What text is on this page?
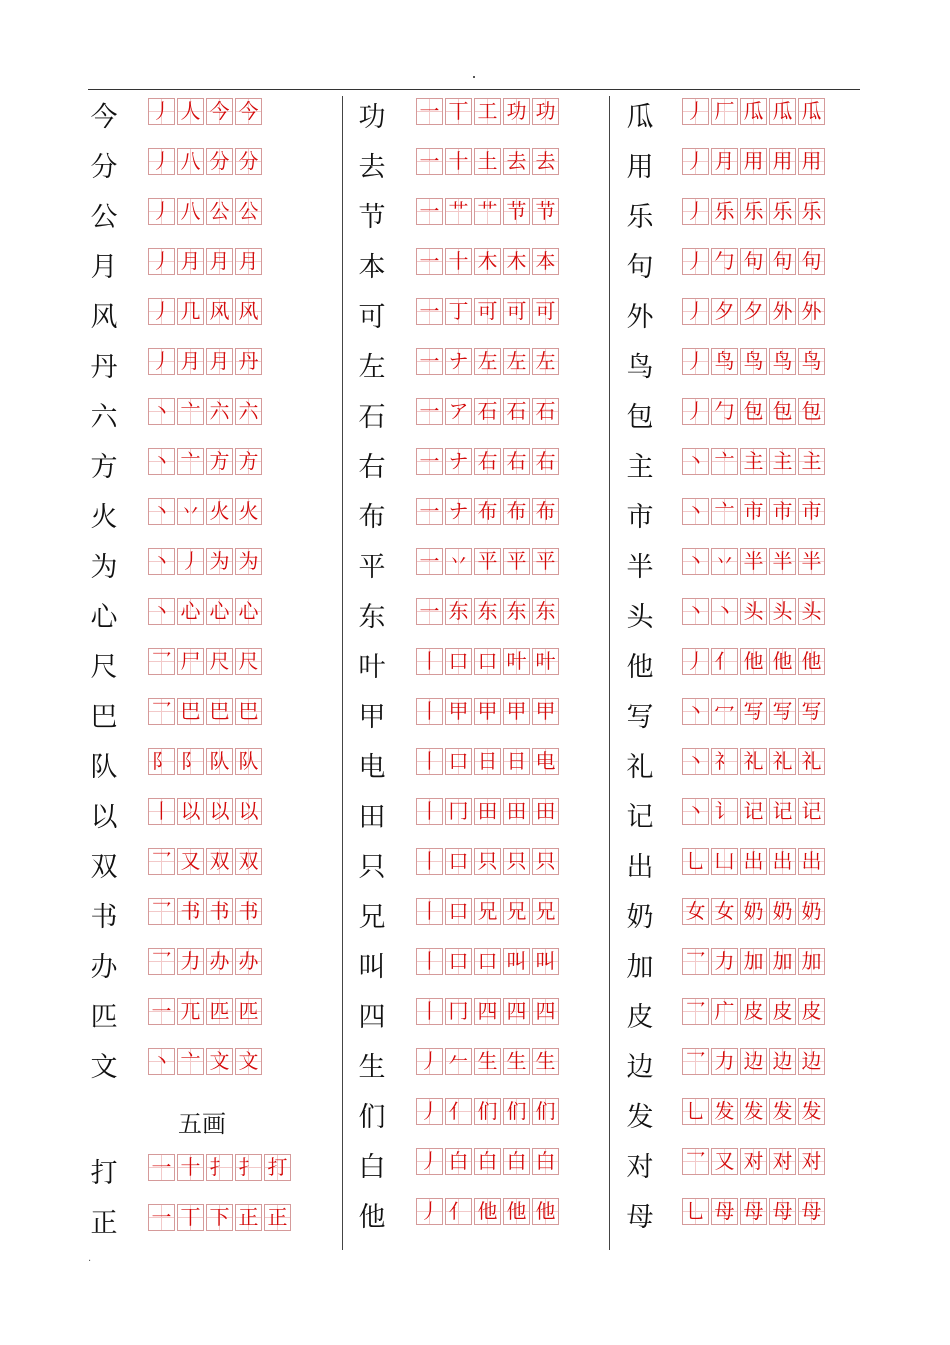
今 丿 人 今 今
分 丿 八 分 分
公 丿 八 公 公
月 丿 月 月 月
风 丿 几 风 风
丹 丿 月 月 丹
六 丶 亠 六 六
方 丶 亠 方 方
火 丶 丷 火 火
为 丶 丿 为 为
心 丶 心 心 心
尺 乛 尸 尺 尺
巴 乛 巴 巴 巴
队 阝 阝 队 队
以 丨 以 以 以
双 乛 又 双 双
书 乛 书 书 书
办 乛 力 办 办
匹 一 兀 匹 匹
文 丶 亠 文 文
五画
打 一 十 扌 扌 打
正 一 丅 下 正 正
功 一 丅 工 功 功
去 一 十 土 去 去
节 一 艹 艹 节 节
本 一 十 木 木 本
可 一 丁 可 可 可
左 一 ナ 左 左 左
石 一 ア 石 石 石
右 一 ナ 右 右 右
布 一 ナ 布 布 布
平 一 丷 平 平 平
东 一 东 东 东 东
叶 丨 口 口 叶 叶
甲 丨 甲 甲 甲 甲
电 丨 口 日 日 电
田 丨 冂 田 田 田
只 丨 口 只 只 只
兄 丨 口 兄 兄 兄
叫 丨 口 口 叫 叫
四 丨 冂 四 四 四
生 丿 𠂉 生 生 生
们 丿 亻 们 们 们
白 丿 白 白 白 白
他 丿 亻 他 他 他
瓜 丿 厂 瓜 瓜 瓜
用 丿 月 用 用 用
乐 丿 乐 乐 乐 乐
句 丿 勹 句 句 句
外 丿 夕 夕 外 外
鸟 丿 鸟 鸟 鸟 鸟
包 丿 勹 包 包 包
主 丶 亠 主 主 主
市 丶 亠 市 市 市
半 丶 丷 半 半 半
头 丶 丶 头 头 头
他 丿 亻 他 他 他
写 丶 冖 写 写 写
礼 丶 礻 礼 礼 礼
记 丶 讠 记 记 记
出 乚 凵 出 出 出
奶 女 女 奶 奶 奶
加 乛 力 加 加 加
皮 乛 广 皮 皮 皮
边 乛 力 边 边 边
发 乚 发 发 发 发
对 乛 又 对 对 对
母 乚 母 母 母 母
·
